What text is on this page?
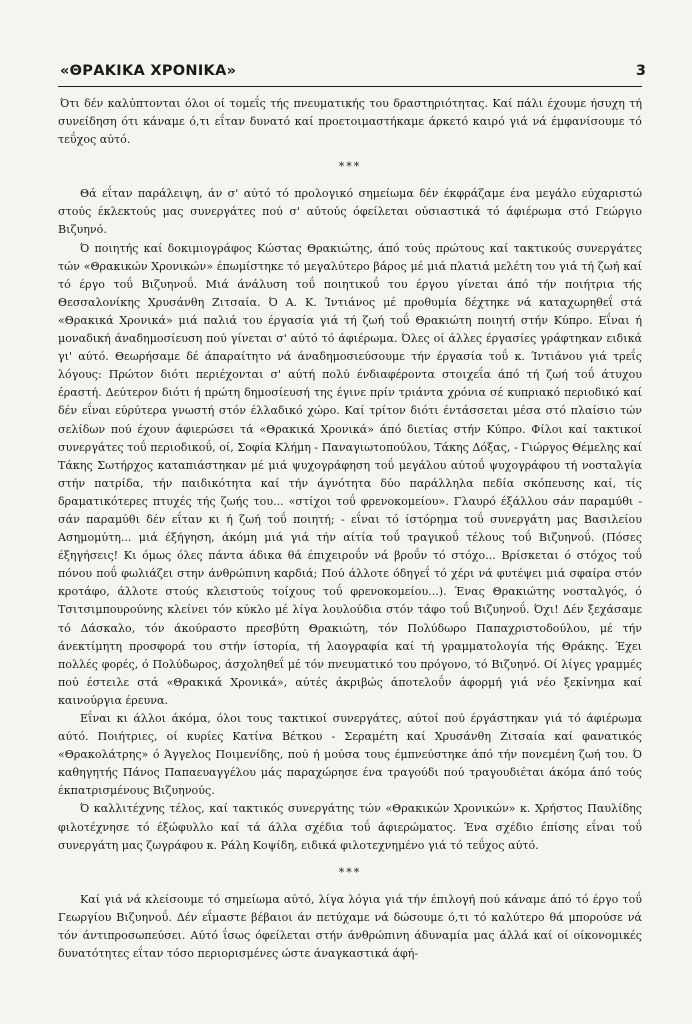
«ΘΡΑΚΙΚΑ ΧΡΟΝΙΚΑ»	3

Ότι δέν καλύπτονται όλοι οί τομεΐς τής πνευματικής του δραστηριότητας. Καί πάλι έχουμε ήσυχη τή συνείδηση ότι κάναμε ό,τι εΐταν δυνατό καί προετοιμαστήκαμε άρκετό καιρό γιά νά έμφανίσουμε τό τεΰχος αύτό.

***

Θά εΐταν παράλειψη, άν σ' αύτό τό προλογικό σημείωμα δέν έκφράζαμε ένα μεγάλο εύχαριστώ στούς έκλεκτούς μας συνεργάτες πού σ' αύτούς όφείλεται ούσιαστικά τό άφιέρωμα στό Γεώργιο Βιζυηνό.

Ό ποιητής καί δοκιμιογράφος Κώστας Θρακιώτης, άπό τούς πρώτους καί τακτικούς συνεργάτες τών «Θρακικών Χρονικών» έπωμίστηκε τό μεγαλύτερο βάρος μέ μιά πλατιά μελέτη του γιά τή ζωή καί τό έργο τοΰ Βιζυηνοΰ. Μιά άνάλυση τοΰ ποιητικοΰ του έργου γίνεται άπό τήν ποιήτρια τής Θεσσαλονίκης Χρυσάνθη Ζιτσαία. Ό Α. Κ. Ίντιάνος μέ προθυμία δέχτηκε νά καταχωρηθεΐ στά «Θρακικά Χρονικά» μιά παλιά του έργασία γιά τή ζωή τοΰ Θρακιώτη ποιητή στήν Κύπρο. Εΐναι ή μοναδική άναδημοσίευση πού γίνεται σ' αύτό τό άφιέρωμα. Όλες οί άλλες έργασίες γράφτηκαν ειδικά γι' αύτό. Θεωρήσαμε δέ άπαραίτητο νά άναδημοσιεύσουμε τήν έργασία τοΰ κ. Ίντιάνου γιά τρεΐς λόγους: Πρώτον διότι περιέχονται σ' αύτή πολύ ένδιαφέροντα στοιχεΐα άπό τή ζωή τοΰ άτυχου έραστή. Δεύτερον διότι ή πρώτη δημοσίευσή της έγινε πρίν τριάντα χρόνια σέ κυπριακό περιοδικό καί δέν εΐναι εύρύτερα γνωστή στόν έλλαδικό χώρο. Καί τρίτον διότι έντάσσεται μέσα στό πλαίσιο τών σελίδων πού έχουν άφιερώσει τά «Θρακικά Χρονικά» άπό διετίας στήν Κύπρο. Φίλοι καί τακτικοί συνεργάτες τοΰ περιοδικοΰ, οί, Σοφία Κλήμη - Παναγιωτοπούλου, Τάκης Δόξας, - Γιώργος Θέμελης καί Τάκης Σωτήρχος καταπιάστηκαν μέ μιά ψυχογράφηση τοΰ μεγάλου αύτοΰ ψυχογράφου τή νοσταλγία στήν πατρίδα, τήν παιδικότητα καί τήν άγνότητα δύο παράλληλα πεδία σκόπευσης καί, τίς δραματικότερες πτυχές τής ζωής του... «στίχοι τοΰ φρενοκομείου». Γλαυρό έξάλλου σάν παραμύθι - σάν παραμύθι δέν εΐταν κι ή ζωή τοΰ ποιητή; - εΐναι τό ίστόρημα τοΰ συνεργάτη μας Βασιλείου Ασημομύτη... μιά έξήγηση, άκόμη μιά γιά τήν αίτία τοΰ τραγικοΰ τέλους τοΰ Βιζυηνοΰ. (Πόσες έξηγήσεις! Κι όμως όλες πάντα άδικα θά έπιχειροΰν νά βροΰν τό στόχο... Βρίσκεται ό στόχος τοΰ πόνου ποΰ φωλιάζει στην άνθρώπινη καρδιά; Πού άλλοτε όδηγεΐ τό χέρι νά φυτέψει μιά σφαίρα στόν κροτάφο, άλλοτε στούς κλειστούς τοίχους τοΰ φρενοκομείου...). Ένας Θρακιώτης νοσταλγός, ό Τσιτσιμπουρούνης κλείνει τόν κύκλο μέ λίγα λουλούδια στόν τάφο τοΰ Βιζυηνοΰ. Όχι! Δέν ξεχάσαμε τό Δάσκαλο, τόν άκούραστο πρεσβύτη Θρακιώτη, τόν Πολύδωρο Παπαχριστοδούλου, μέ τήν άνεκτίμητη προσφορά του στήν ίστορία, τή λαογραφία καί τή γραμματολογία τής Θράκης. Έχει πολλές φορές, ό Πολύδωρος, άσχοληθεΐ μέ τόν πνευματικό του πρόγονο, τό Βιζυηνό. Οί λίγες γραμμές πού έστειλε στά «Θρακικά Χρονικά», αύτές άκριβώς άποτελοΰν άφορμή γιά νέο ξεκίνημα καί καινούργια έρευνα.

Εΐναι κι άλλοι άκόμα, όλοι τους τακτικοί συνεργάτες, αύτοί πού έργάστηκαν γιά τό άφιέρωμα αύτό. Ποιήτριες, οί κυρίες Κατίνα Βέτκου - Σεραμέτη καί Χρυσάνθη Ζιτσαία καί φανατικός «Θρακολάτρης» ό Άγγελος Ποιμενίδης, πού ή μούσα τους έμπνεύστηκε άπό τήν πονεμένη ζωή του. Ό καθηγητής Πάνος Παπαευαγγέλου μάς παραχώρησε ένα τραγούδι πού τραγουδιέται άκόμα άπό τούς έκπατρισμένους Βιζυηνούς.

Ό καλλιτέχνης τέλος, καί τακτικός συνεργάτης τών «Θρακικών Χρονικών» κ. Χρήστος Παυλίδης φιλοτέχνησε τό έξώφυλλο καί τά άλλα σχέδια τοΰ άφιερώματος. Ένα σχέδιο έπίσης εΐναι τοΰ συνεργάτη μας ζωγράφου κ. Ράλη Κοψίδη, ειδικά φιλοτεχνημένο γιά τό τεΰχος αύτό.

***

Καί γιά νά κλείσουμε τό σημείωμα αύτό, λίγα λόγια γιά τήν έπιλογή πού κάναμε άπό τό έργο τοΰ Γεωργίου Βιζυηνοΰ. Δέν εΐμαστε βέβαιοι άν πετύχαμε νά δώσουμε ό,τι τό καλύτερο θά μπορούσε νά τόν άντιπροσωπεύσει. Αύτό ΐσως όφείλεται στήν άνθρώπινη άδυναμία μας άλλά καί οί οίκονομικές δυνατότητες εΐταν τόσο περιορισμένες ώστε άναγκαστικά άφή-
